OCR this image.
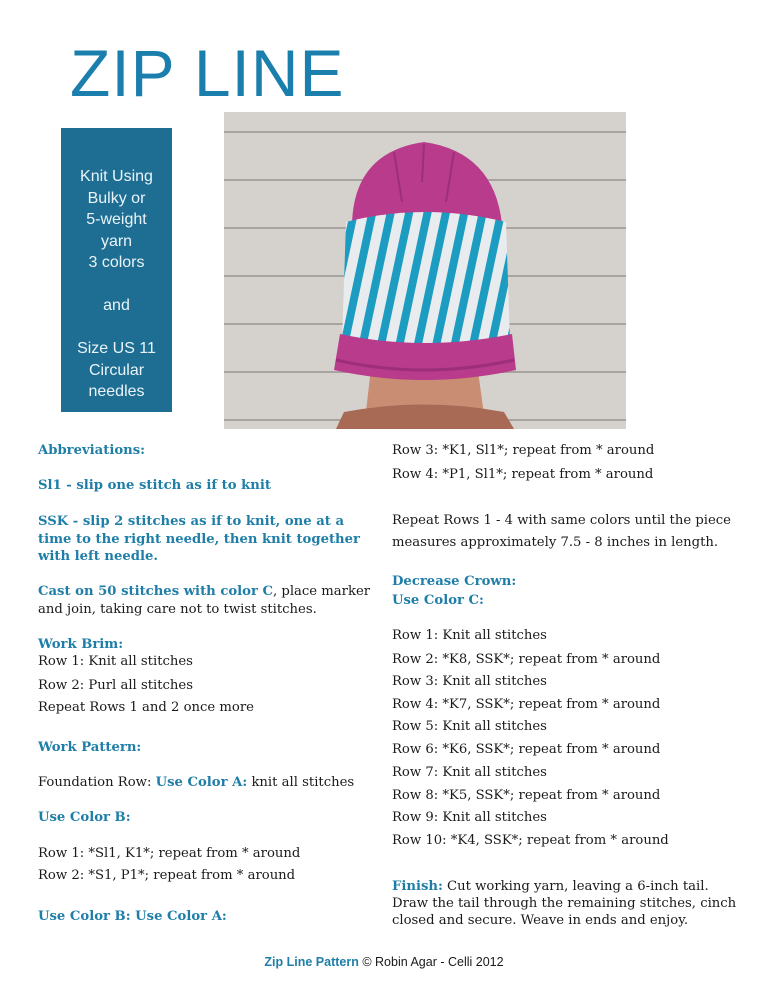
ZIP LINE
Knit Using
Bulky or
5-weight
yarn
3 colors
and
Size US 11
Circular
needles

Abbreviations:

Sl1 - slip one stitch as if to knit

SSK - slip 2 stitches as if to knit, one at a time to the right needle, then knit together with left needle.

Cast on 50 stitches with color C, place marker and join, taking care not to twist stitches.

Work Brim:

Row 1: Knit all stitches

Row 2: Purl all stitches

Repeat Rows 1 and 2 once more

Work Pattern:

Foundation Row: Use Color A: knit all stitches

Use Color B:

Row 1: *Sl1, K1*; repeat from * around

Row 2: *S1, P1*; repeat from * around

Use Color B: Use Color A:

Row 3: *K1, Sl1*; repeat from * around

Row 4: *P1, Sl1*; repeat from * around

Repeat Rows 1 - 4 with same colors until the piece

measures approximately 7.5 - 8 inches in length.

Decrease Crown:

Use Color C:

Row 1: Knit all stitches

Row 2: *K8, SSK*; repeat from * around

Row 3: Knit all stitches

Row 4: *K7, SSK*; repeat from * around

Row 5: Knit all stitches

Row 6: *K6, SSK*; repeat from * around

Row 7: Knit all stitches

Row 8: *K5, SSK*; repeat from * around

Row 9: Knit all stitches

Row 10: *K4, SSK*; repeat from * around

Finish: Cut working yarn, leaving a 6-inch tail. Draw the tail through the remaining stitches, cinch closed and secure. Weave in ends and enjoy.

Zip Line Pattern © Robin Agar - Celli 2012
